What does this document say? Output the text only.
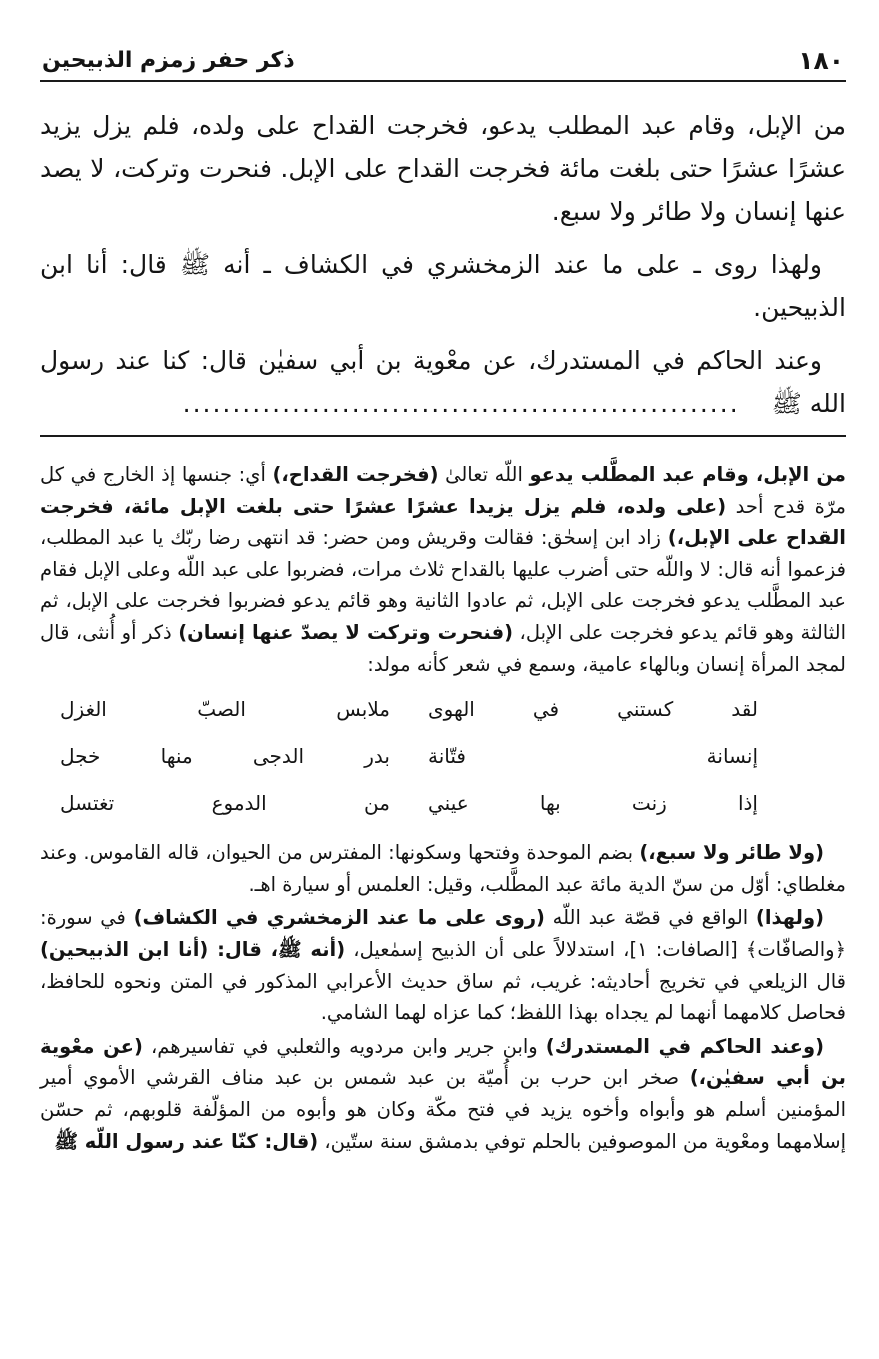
١٨٠
ذكر حفر زمزم الذبيحين

من الإبل، وقام عبد المطلب يدعو، فخرجت القداح على ولده، فلم يزل يزيد عشرًا عشرًا حتى بلغت مائة فخرجت القداح على الإبل. فنحرت وتركت، لا يصد عنها إنسان ولا طائر ولا سبع.

ولهذا روى ـ على ما عند الزمخشري في الكشاف ـ أنه ﷺ قال: أنا ابن الذبيحين.

وعند الحاكم في المستدرك، عن معْوية بن أبي سفيٰن قال: كنا عند رسول الله ﷺ ........................................................

من الإبل، وقام عبد المطَّلب يدعو اللّه تعالىٰ (فخرجت القداح،) أي: جنسها إذ الخارج في كل مرّة قدح أحد (على ولده، فلم يزل يزيدا عشرًا عشرًا حتى بلغت الإبل مائة، فخرجت القداح على الإبل،) زاد ابن إسحٰق: فقالت وقريش ومن حضر: قد انتهى رضا ربّك يا عبد المطلب، فزعموا أنه قال: لا واللّه حتى أضرب عليها بالقداح ثلاث مرات، فضربوا على عبد اللّه وعلى الإبل فقام عبد المطَّلب يدعو فخرجت على الإبل، ثم عادوا الثانية وهو قائم يدعو فضربوا فخرجت على الإبل، ثم الثالثة وهو قائم يدعو فخرجت على الإبل، (فنحرت وتركت لا يصدّ عنها إنسان) ذكر أو أُنثى، قال لمجد المرأة إنسان وبالهاء عامية، وسمع في شعر كأنه مولد:

لقد كستني في الهوى
ملابس الصبّ الغزل
إنسانة فتّانة
بدر الدجى منها خجل
إذا زنت بها عيني
من الدموع تغتسل

(ولا طائر ولا سبع،) بضم الموحدة وفتحها وسكونها: المفترس من الحيوان، قاله القاموس. وعند مغلطاي: أوّل من سنّ الدية مائة عبد المطَّلب، وقيل: العلمس أو سيارة اهـ.

(ولهذا) الواقع في قصّة عبد اللّه (روى على ما عند الزمخشري في الكشاف) في سورة: ﴿والصافّات﴾ [الصافات: ١]، استدلالاً على أن الذبيح إسمٰعيل، (أنه ﷺ، قال: (أنا ابن الذبيحين) قال الزيلعي في تخريج أحاديثه: غريب، ثم ساق حديث الأعرابي المذكور في المتن ونحوه للحافظ، فحاصل كلامهما أنهما لم يجداه بهذا اللفظ؛ كما عزاه لهما الشامي.

(وعند الحاكم في المستدرك) وابن جرير وابن مردويه والثعلبي في تفاسيرهم، (عن معْوية بن أبي سفيٰن،) صخر ابن حرب بن أُميّة بن عبد شمس بن عبد مناف القرشي الأموي أمير المؤمنين أسلم هو وأبواه وأخوه يزيد في فتح مكّة وكان هو وأبوه من المؤلّفة قلوبهم، ثم حسّن إسلامهما ومعْوية من الموصوفين بالحلم توفي بدمشق سنة ستّين، (قال: كنّا عند رسول اللّه ﷺ
